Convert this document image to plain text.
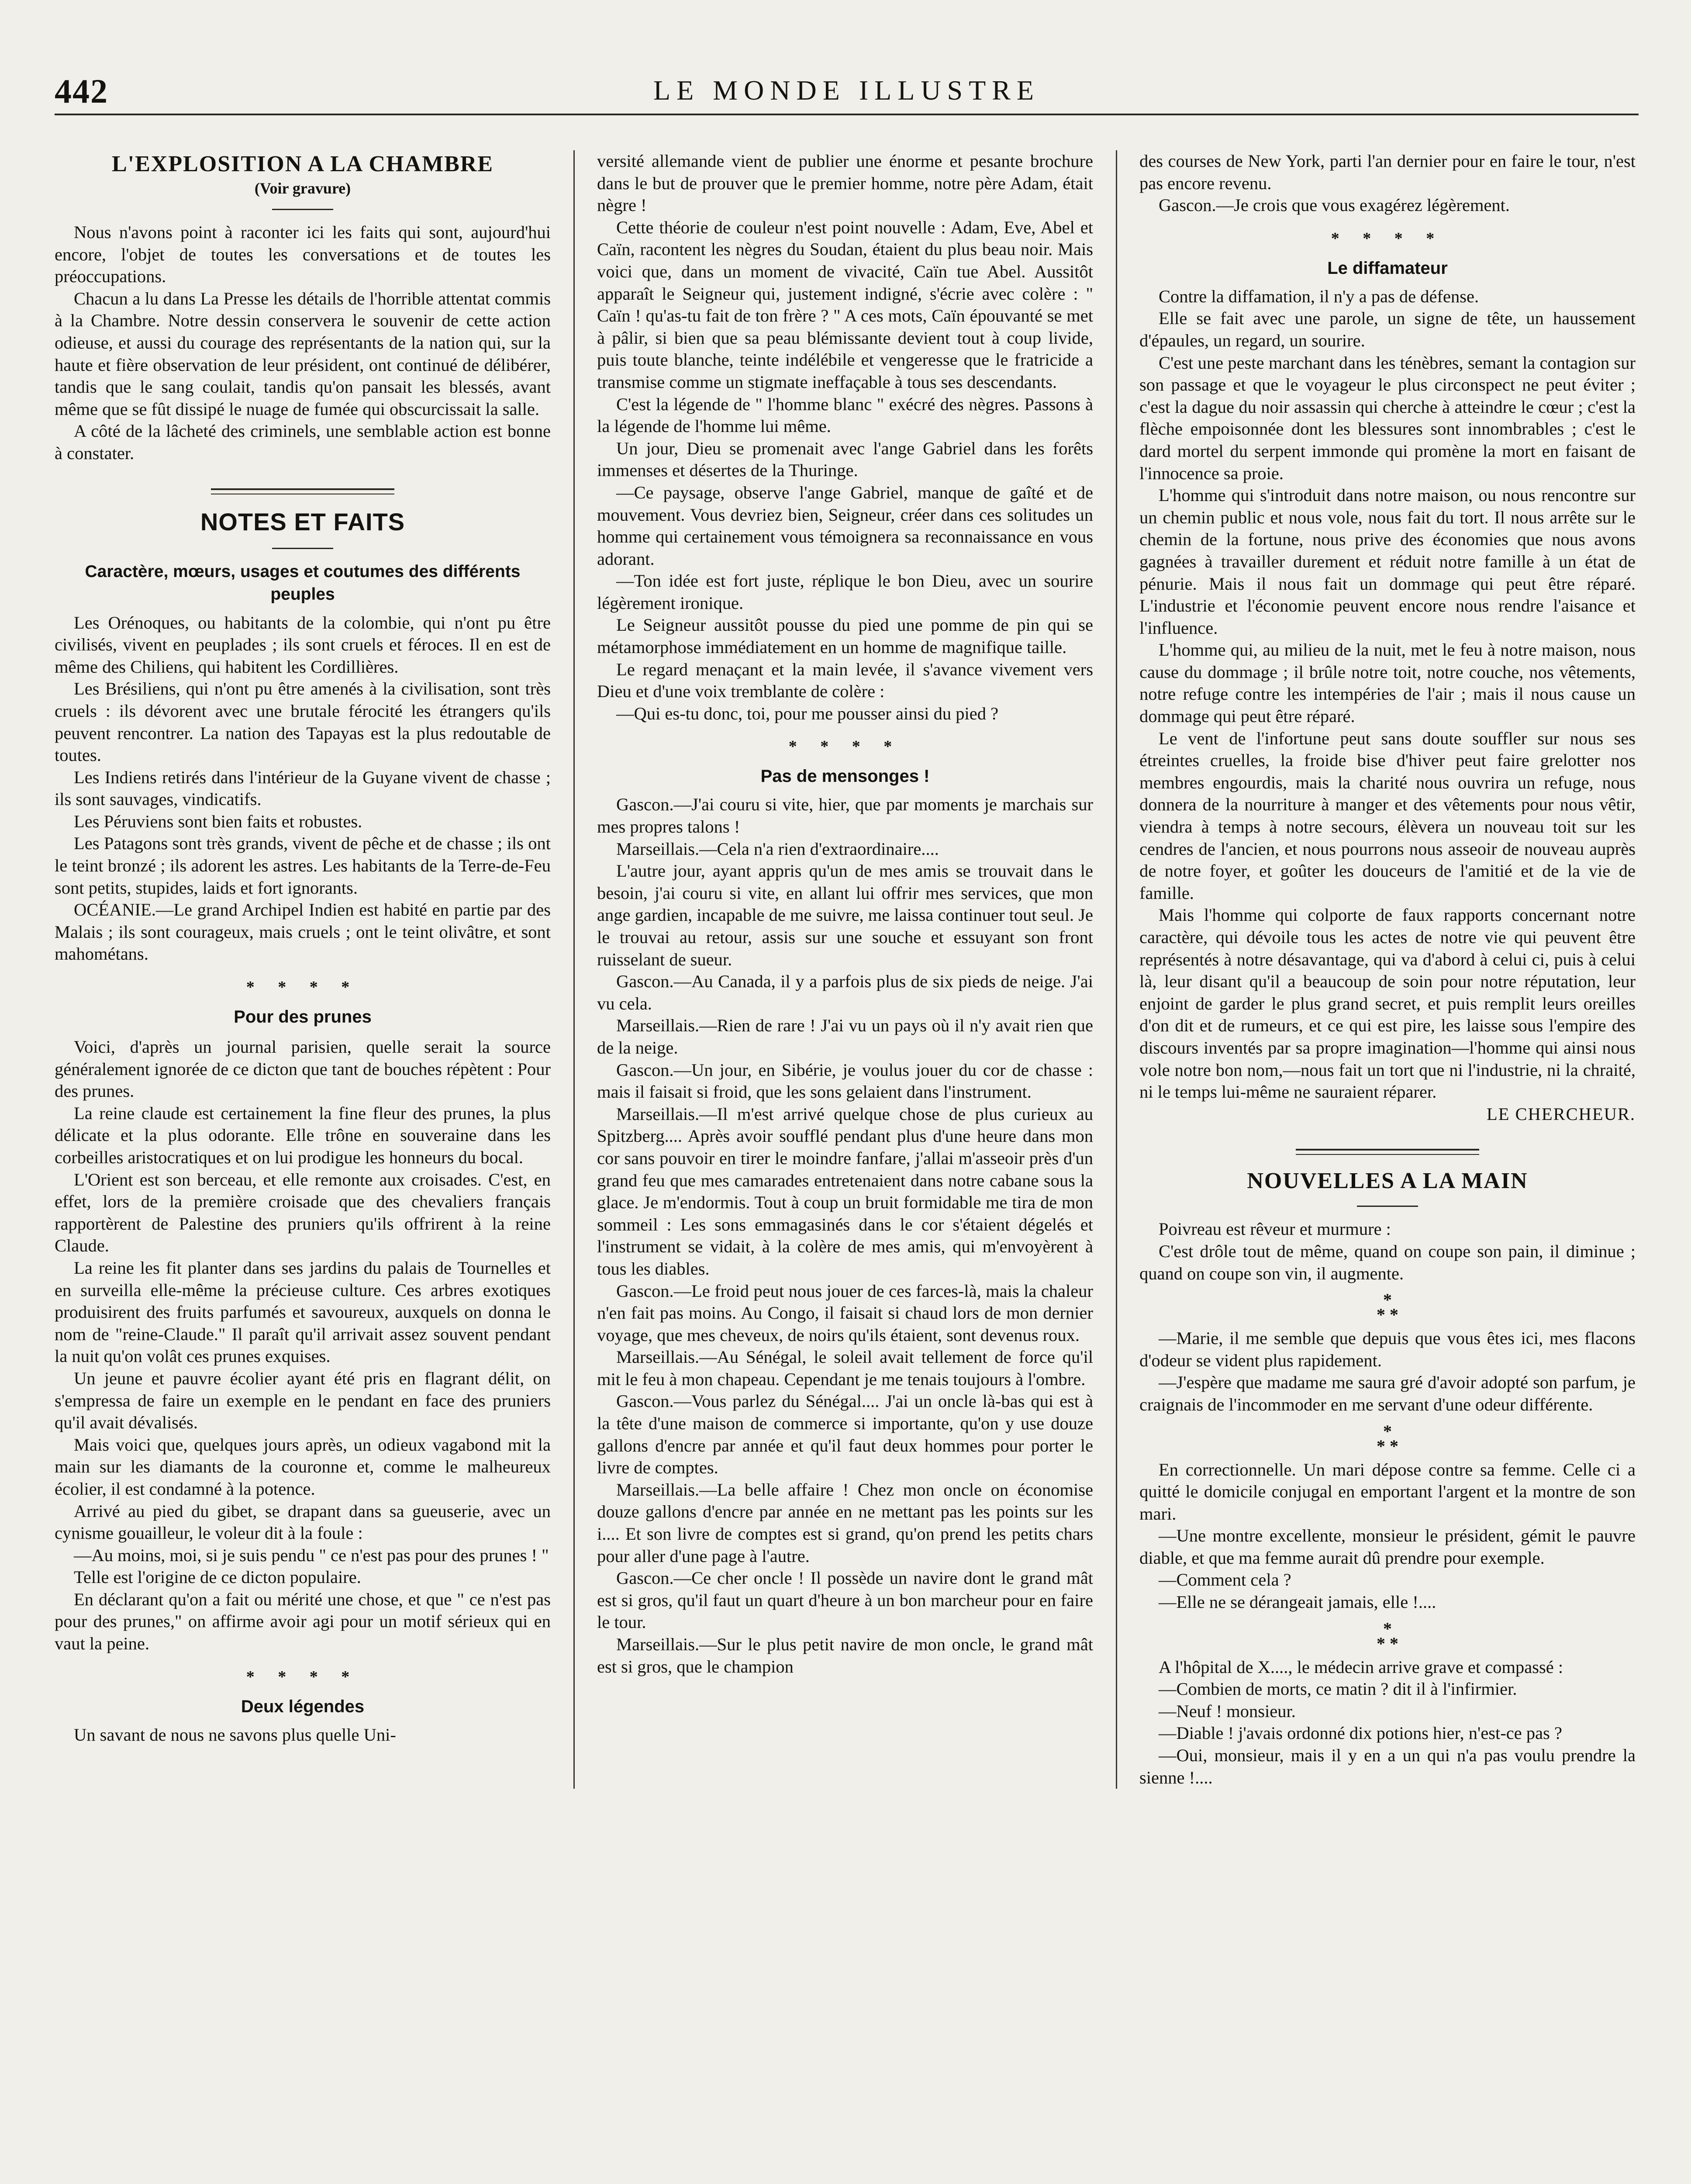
442	LE MONDE ILLUSTRE
L'EXPLOSITION A LA CHAMBRE
(Voir gravure)

Nous n'avons point à raconter ici les faits qui sont, aujourd'hui encore, l'objet de toutes les conversations et de toutes les préoccupations.

Chacun a lu dans La Presse les détails de l'horrible attentat commis à la Chambre. Notre dessin conservera le souvenir de cette action odieuse, et aussi du courage des représentants de la nation qui, sur la haute et fière observation de leur président, ont continué de délibérer, tandis que le sang coulait, tandis qu'on pansait les blessés, avant même que se fût dissipé le nuage de fumée qui obscurcissait la salle.

A côté de la lâcheté des criminels, une semblable action est bonne à constater.

NOTES ET FAITS
Caractère, mœurs, usages et coutumes des différents peuples

Les Orénoques, ou habitants de la colombie, qui n'ont pu être civilisés, vivent en peuplades ; ils sont cruels et féroces. Il en est de même des Chiliens, qui habitent les Cordillières.

Les Brésiliens, qui n'ont pu être amenés à la civilisation, sont très cruels : ils dévorent avec une brutale férocité les étrangers qu'ils peuvent rencontrer. La nation des Tapayas est la plus redoutable de toutes.

Les Indiens retirés dans l'intérieur de la Guyane vivent de chasse ; ils sont sauvages, vindicatifs.

Les Péruviens sont bien faits et robustes.

Les Patagons sont très grands, vivent de pêche et de chasse ; ils ont le teint bronzé ; ils adorent les astres. Les habitants de la Terre-de-Feu sont petits, stupides, laids et fort ignorants.

OCÉANIE.—Le grand Archipel Indien est habité en partie par des Malais ; ils sont courageux, mais cruels ; ont le teint olivâtre, et sont mahométans.

* * * *
Pour des prunes

Voici, d'après un journal parisien, quelle serait la source généralement ignorée de ce dicton que tant de bouches répètent : Pour des prunes.

La reine claude est certainement la fine fleur des prunes, la plus délicate et la plus odorante. Elle trône en souveraine dans les corbeilles aristocratiques et on lui prodigue les honneurs du bocal.

L'Orient est son berceau, et elle remonte aux croisades. C'est, en effet, lors de la première croisade que des chevaliers français rapportèrent de Palestine des pruniers qu'ils offrirent à la reine Claude.

La reine les fit planter dans ses jardins du palais de Tournelles et en surveilla elle-même la précieuse culture. Ces arbres exotiques produisirent des fruits parfumés et savoureux, auxquels on donna le nom de "reine-Claude." Il paraît qu'il arrivait assez souvent pendant la nuit qu'on volât ces prunes exquises.

Un jeune et pauvre écolier ayant été pris en flagrant délit, on s'empressa de faire un exemple en le pendant en face des pruniers qu'il avait dévalisés.

Mais voici que, quelques jours après, un odieux vagabond mit la main sur les diamants de la couronne et, comme le malheureux écolier, il est condamné à la potence.

Arrivé au pied du gibet, se drapant dans sa gueuserie, avec un cynisme gouailleur, le voleur dit à la foule :

—Au moins, moi, si je suis pendu " ce n'est pas pour des prunes ! "

Telle est l'origine de ce dicton populaire.

En déclarant qu'on a fait ou mérité une chose, et que " ce n'est pas pour des prunes," on affirme avoir agi pour un motif sérieux qui en vaut la peine.

* * * *
Deux légendes

Un savant de nous ne savons plus quelle Uni-

versité allemande vient de publier une énorme et pesante brochure dans le but de prouver que le premier homme, notre père Adam, était nègre !

Cette théorie de couleur n'est point nouvelle : Adam, Eve, Abel et Caïn, racontent les nègres du Soudan, étaient du plus beau noir. Mais voici que, dans un moment de vivacité, Caïn tue Abel. Aussitôt apparaît le Seigneur qui, justement indigné, s'écrie avec colère : " Caïn ! qu'as-tu fait de ton frère ? " A ces mots, Caïn épouvanté se met à pâlir, si bien que sa peau blémissante devient tout à coup livide, puis toute blanche, teinte indélébile et vengeresse que le fratricide a transmise comme un stigmate ineffaçable à tous ses descendants.

C'est la légende de " l'homme blanc " exécré des nègres. Passons à la légende de l'homme lui même.

Un jour, Dieu se promenait avec l'ange Gabriel dans les forêts immenses et désertes de la Thuringe.

—Ce paysage, observe l'ange Gabriel, manque de gaîté et de mouvement. Vous devriez bien, Seigneur, créer dans ces solitudes un homme qui certainement vous témoignera sa reconnaissance en vous adorant.

—Ton idée est fort juste, réplique le bon Dieu, avec un sourire légèrement ironique.

Le Seigneur aussitôt pousse du pied une pomme de pin qui se métamorphose immédiatement en un homme de magnifique taille.

Le regard menaçant et la main levée, il s'avance vivement vers Dieu et d'une voix tremblante de colère :

—Qui es-tu donc, toi, pour me pousser ainsi du pied ?

* * * *
Pas de mensonges !

Gascon.—J'ai couru si vite, hier, que par moments je marchais sur mes propres talons !

Marseillais.—Cela n'a rien d'extraordinaire....

L'autre jour, ayant appris qu'un de mes amis se trouvait dans le besoin, j'ai couru si vite, en allant lui offrir mes services, que mon ange gardien, incapable de me suivre, me laissa continuer tout seul. Je le trouvai au retour, assis sur une souche et essuyant son front ruisselant de sueur.

Gascon.—Au Canada, il y a parfois plus de six pieds de neige. J'ai vu cela.

Marseillais.—Rien de rare ! J'ai vu un pays où il n'y avait rien que de la neige.

Gascon.—Un jour, en Sibérie, je voulus jouer du cor de chasse : mais il faisait si froid, que les sons gelaient dans l'instrument.

Marseillais.—Il m'est arrivé quelque chose de plus curieux au Spitzberg.... Après avoir soufflé pendant plus d'une heure dans mon cor sans pouvoir en tirer le moindre fanfare, j'allai m'asseoir près d'un grand feu que mes camarades entretenaient dans notre cabane sous la glace. Je m'endormis. Tout à coup un bruit formidable me tira de mon sommeil : Les sons emmagasinés dans le cor s'étaient dégelés et l'instrument se vidait, à la colère de mes amis, qui m'envoyèrent à tous les diables.

Gascon.—Le froid peut nous jouer de ces farces-là, mais la chaleur n'en fait pas moins. Au Congo, il faisait si chaud lors de mon dernier voyage, que mes cheveux, de noirs qu'ils étaient, sont devenus roux.

Marseillais.—Au Sénégal, le soleil avait tellement de force qu'il mit le feu à mon chapeau. Cependant je me tenais toujours à l'ombre.

Gascon.—Vous parlez du Sénégal.... J'ai un oncle là-bas qui est à la tête d'une maison de commerce si importante, qu'on y use douze gallons d'encre par année et qu'il faut deux hommes pour porter le livre de comptes.

Marseillais.—La belle affaire ! Chez mon oncle on économise douze gallons d'encre par année en ne mettant pas les points sur les i.... Et son livre de comptes est si grand, qu'on prend les petits chars pour aller d'une page à l'autre.

Gascon.—Ce cher oncle ! Il possède un navire dont le grand mât est si gros, qu'il faut un quart d'heure à un bon marcheur pour en faire le tour.

Marseillais.—Sur le plus petit navire de mon oncle, le grand mât est si gros, que le champion

des courses de New York, parti l'an dernier pour en faire le tour, n'est pas encore revenu.

Gascon.—Je crois que vous exagérez légèrement.

* * * *
Le diffamateur

Contre la diffamation, il n'y a pas de défense.

Elle se fait avec une parole, un signe de tête, un haussement d'épaules, un regard, un sourire.

C'est une peste marchant dans les ténèbres, semant la contagion sur son passage et que le voyageur le plus circonspect ne peut éviter ; c'est la dague du noir assassin qui cherche à atteindre le cœur ; c'est la flèche empoisonnée dont les blessures sont innombrables ; c'est le dard mortel du serpent immonde qui promène la mort en faisant de l'innocence sa proie.

L'homme qui s'introduit dans notre maison, ou nous rencontre sur un chemin public et nous vole, nous fait du tort. Il nous arrête sur le chemin de la fortune, nous prive des économies que nous avons gagnées à travailler durement et réduit notre famille à un état de pénurie. Mais il nous fait un dommage qui peut être réparé. L'industrie et l'économie peuvent encore nous rendre l'aisance et l'influence.

L'homme qui, au milieu de la nuit, met le feu à notre maison, nous cause du dommage ; il brûle notre toit, notre couche, nos vêtements, notre refuge contre les intempéries de l'air ; mais il nous cause un dommage qui peut être réparé.

Le vent de l'infortune peut sans doute souffler sur nous ses étreintes cruelles, la froide bise d'hiver peut faire grelotter nos membres engourdis, mais la charité nous ouvrira un refuge, nous donnera de la nourriture à manger et des vêtements pour nous vêtir, viendra à temps à notre secours, élèvera un nouveau toit sur les cendres de l'ancien, et nous pourrons nous asseoir de nouveau auprès de notre foyer, et goûter les douceurs de l'amitié et de la vie de famille.

Mais l'homme qui colporte de faux rapports concernant notre caractère, qui dévoile tous les actes de notre vie qui peuvent être représentés à notre désavantage, qui va d'abord à celui ci, puis à celui là, leur disant qu'il a beaucoup de soin pour notre réputation, leur enjoint de garder le plus grand secret, et puis remplit leurs oreilles d'on dit et de rumeurs, et ce qui est pire, les laisse sous l'empire des discours inventés par sa propre imagination—l'homme qui ainsi nous vole notre bon nom,—nous fait un tort que ni l'industrie, ni la chraité, ni le temps lui-même ne sauraient réparer.

LE CHERCHEUR.

NOUVELLES A LA MAIN

Poivreau est rêveur et murmure :

C'est drôle tout de même, quand on coupe son pain, il diminue ; quand on coupe son vin, il augmente.

*
* *

—Marie, il me semble que depuis que vous êtes ici, mes flacons d'odeur se vident plus rapidement.

—J'espère que madame me saura gré d'avoir adopté son parfum, je craignais de l'incommoder en me servant d'une odeur différente.

*
* *

En correctionnelle. Un mari dépose contre sa femme. Celle ci a quitté le domicile conjugal en emportant l'argent et la montre de son mari.

—Une montre excellente, monsieur le président, gémit le pauvre diable, et que ma femme aurait dû prendre pour exemple.

—Comment cela ?

—Elle ne se dérangeait jamais, elle !....

*
* *

A l'hôpital de X...., le médecin arrive grave et compassé :

—Combien de morts, ce matin ? dit il à l'infirmier.

—Neuf ! monsieur.

—Diable ! j'avais ordonné dix potions hier, n'est-ce pas ?

—Oui, monsieur, mais il y en a un qui n'a pas voulu prendre la sienne !....
